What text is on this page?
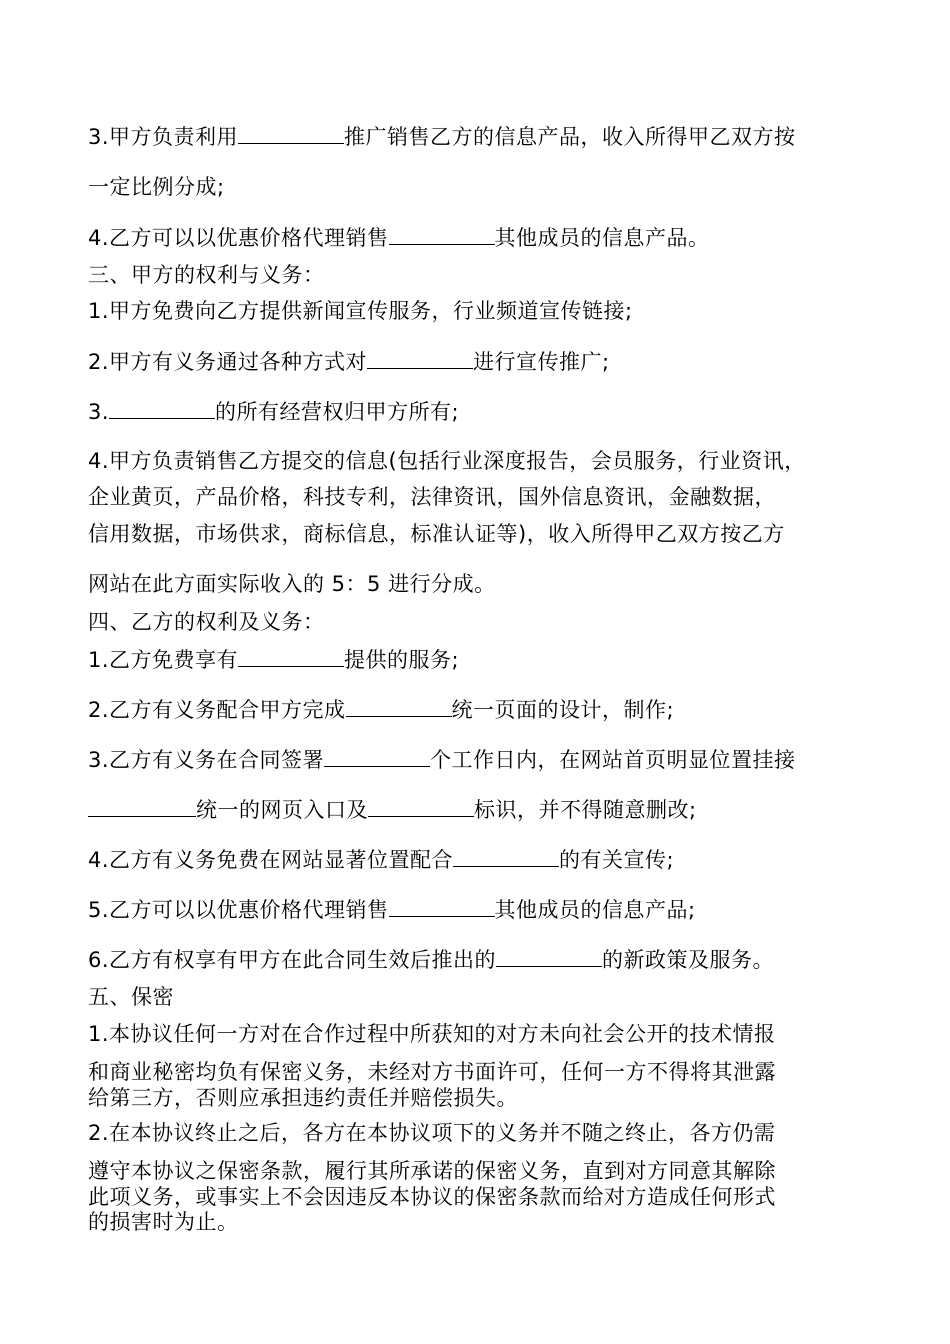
3.甲方负责利用	推广销售乙方的信息产品，收入所得甲乙双方按
一定比例分成;
4.乙方可以以优惠价格代理销售	其他成员的信息产品。
三、甲方的权利与义务：
1.甲方免费向乙方提供新闻宣传服务，行业频道宣传链接;
2.甲方有义务通过各种方式对	进行宣传推广;
3.	的所有经营权归甲方所有;
4.甲方负责销售乙方提交的信息(包括行业深度报告，会员服务，行业资讯，
企业黄页，产品价格，科技专利，法律资讯，国外信息资讯，金融数据，
信用数据，市场供求，商标信息，标准认证等)，收入所得甲乙双方按乙方
网站在此方面实际收入的 5：5 进行分成。
四、乙方的权利及义务：
1.乙方免费享有	提供的服务;
2.乙方有义务配合甲方完成	统一页面的设计，制作;
3.乙方有义务在合同签署	个工作日内，在网站首页明显位置挂接
统一的网页入口及	标识，并不得随意删改;
4.乙方有义务免费在网站显著位置配合	的有关宣传;
5.乙方可以以优惠价格代理销售	其他成员的信息产品;
6.乙方有权享有甲方在此合同生效后推出的	的新政策及服务。
五、保密
1.本协议任何一方对在合作过程中所获知的对方未向社会公开的技术情报
和商业秘密均负有保密义务，未经对方书面许可，任何一方不得将其泄露
给第三方，否则应承担违约责任并赔偿损失。
2.在本协议终止之后，各方在本协议项下的义务并不随之终止，各方仍需
遵守本协议之保密条款，履行其所承诺的保密义务，直到对方同意其解除
此项义务，或事实上不会因违反本协议的保密条款而给对方造成任何形式
的损害时为止。
